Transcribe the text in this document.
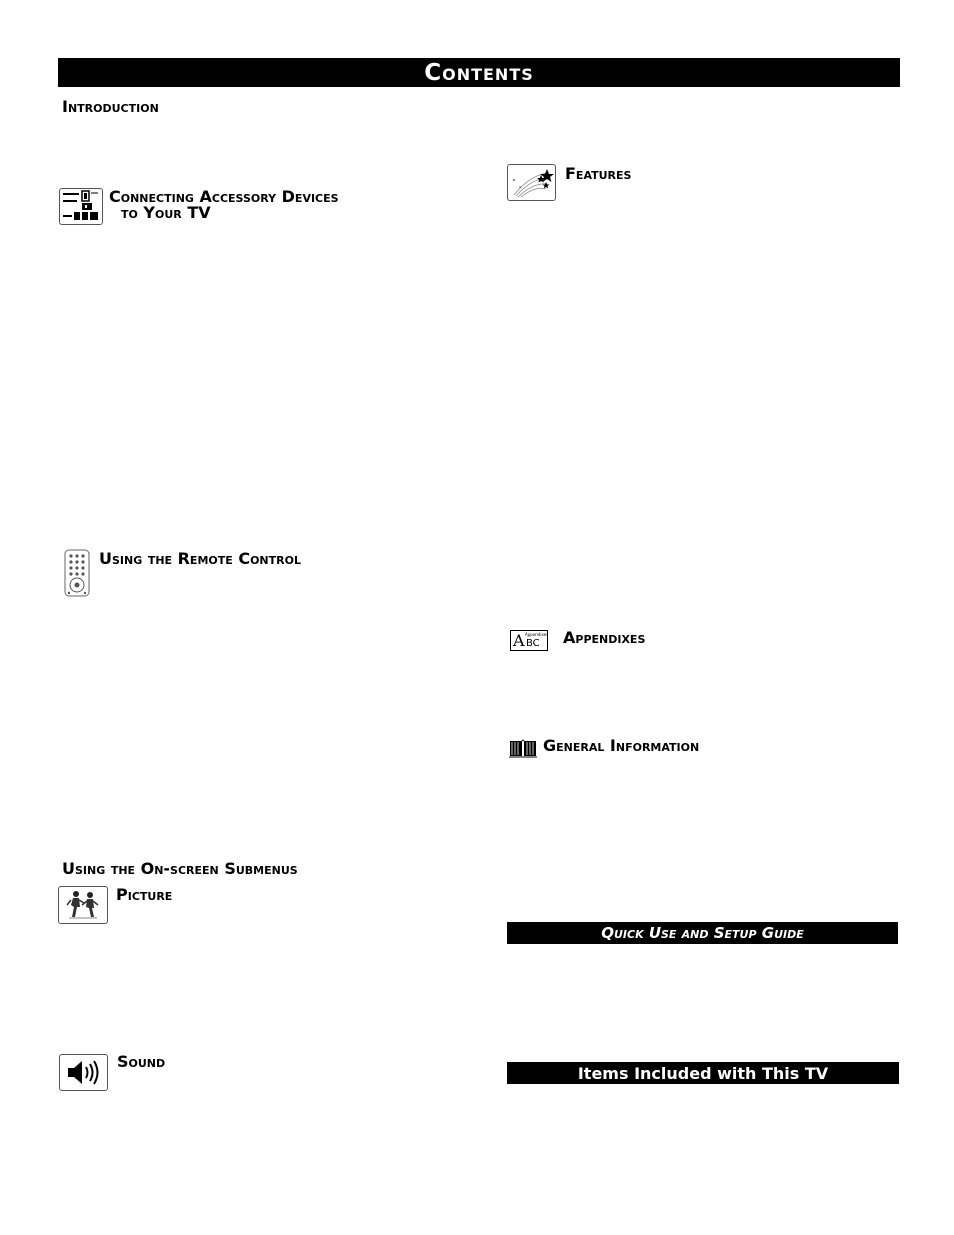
Contents
Introduction
Connecting Accessory Devices
to Your TV
Using the Remote Control
Using the On-screen Submenus
Picture
Sound
Features
A Appendixes
BC Appendixes
General Information
Quick Use and Setup Guide
Items Included with This TV
